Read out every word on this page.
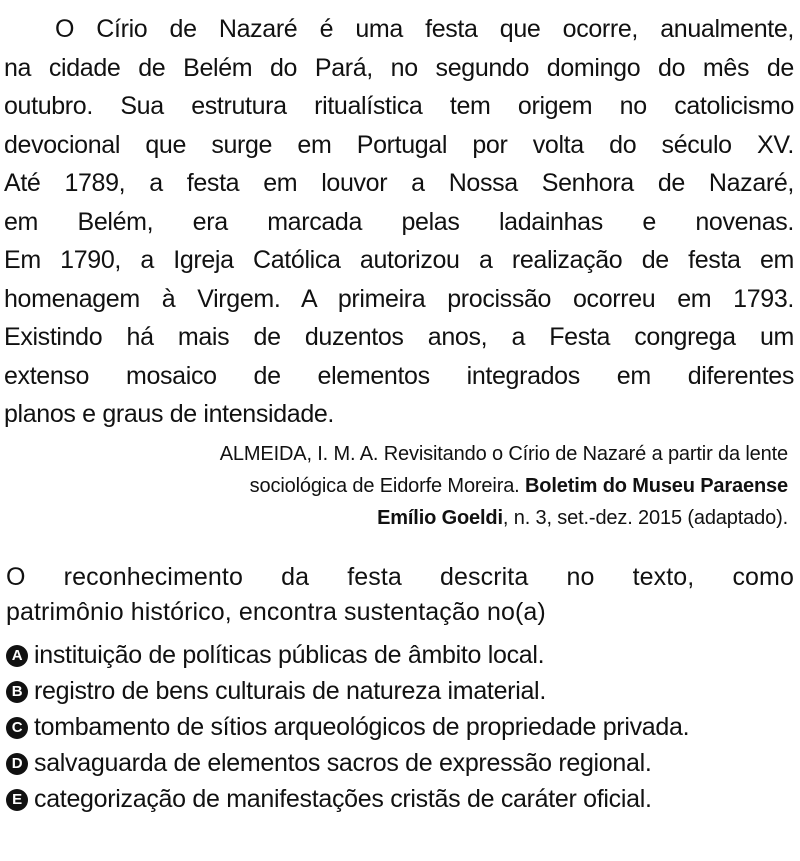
O Círio de Nazaré é uma festa que ocorre, anualmente,
na cidade de Belém do Pará, no segundo domingo do mês de
outubro. Sua estrutura ritualística tem origem no catolicismo
devocional que surge em Portugal por volta do século XV.
Até 1789, a festa em louvor a Nossa Senhora de Nazaré,
em Belém, era marcada pelas ladainhas e novenas.
Em 1790, a Igreja Católica autorizou a realização de festa em
homenagem à Virgem. A primeira procissão ocorreu em 1793.
Existindo há mais de duzentos anos, a Festa congrega um
extenso mosaico de elementos integrados em diferentes
planos e graus de intensidade.

ALMEIDA, I. M. A. Revisitando o Círio de Nazaré a partir da lente
sociológica de Eidorfe Moreira. Boletim do Museu Paraense
Emílio Goeldi, n. 3, set.-dez. 2015 (adaptado).
O reconhecimento da festa descrita no texto, como
patrimônio histórico, encontra sustentação no(a)
A instituição de políticas públicas de âmbito local.
B registro de bens culturais de natureza imaterial.
C tombamento de sítios arqueológicos de propriedade privada.
D salvaguarda de elementos sacros de expressão regional.
E categorização de manifestações cristãs de caráter oficial.
